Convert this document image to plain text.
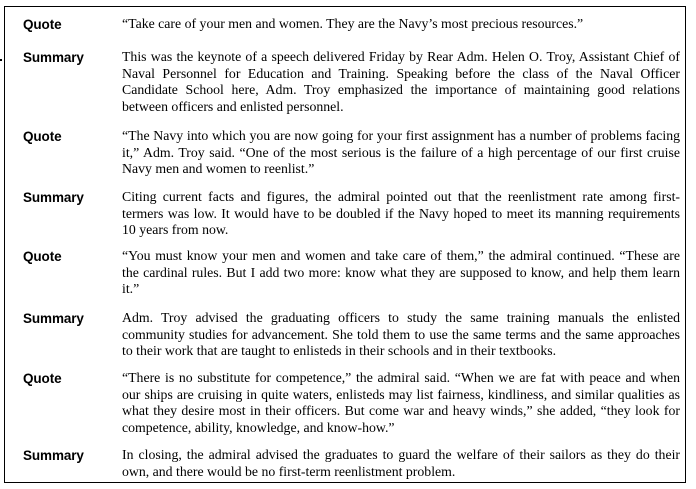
Quote	“Take care of your men and women. They are the Navy’s most precious resources.”
Summary	This was the keynote of a speech delivered Friday by Rear Adm. Helen O. Troy, Assistant Chief of Naval Personnel for Education and Training. Speaking before the class of the Naval Officer Candidate School here, Adm. Troy emphasized the importance of maintaining good relations between officers and enlisted personnel.
Quote	“The Navy into which you are now going for your first assignment has a number of problems facing it,” Adm. Troy said. “One of the most serious is the failure of a high percentage of our first cruise Navy men and women to reenlist.”
Summary	Citing current facts and figures, the admiral pointed out that the reenlistment rate among first-termers was low. It would have to be doubled if the Navy hoped to meet its manning requirements 10 years from now.
Quote	“You must know your men and women and take care of them,” the admiral continued. “These are the cardinal rules. But I add two more: know what they are supposed to know, and help them learn it.”
Summary	Adm. Troy advised the graduating officers to study the same training manuals the enlisted community studies for advancement. She told them to use the same terms and the same approaches to their work that are taught to enlisteds in their schools and in their textbooks.
Quote	“There is no substitute for competence,” the admiral said. “When we are fat with peace and when our ships are cruising in quite waters, enlisteds may list fairness, kindliness, and similar qualities as what they desire most in their officers. But come war and heavy winds,” she added, “they look for competence, ability, knowledge, and know-how.”
Summary	In closing, the admiral advised the graduates to guard the welfare of their sailors as they do their own, and there would be no first-term reenlistment problem.
